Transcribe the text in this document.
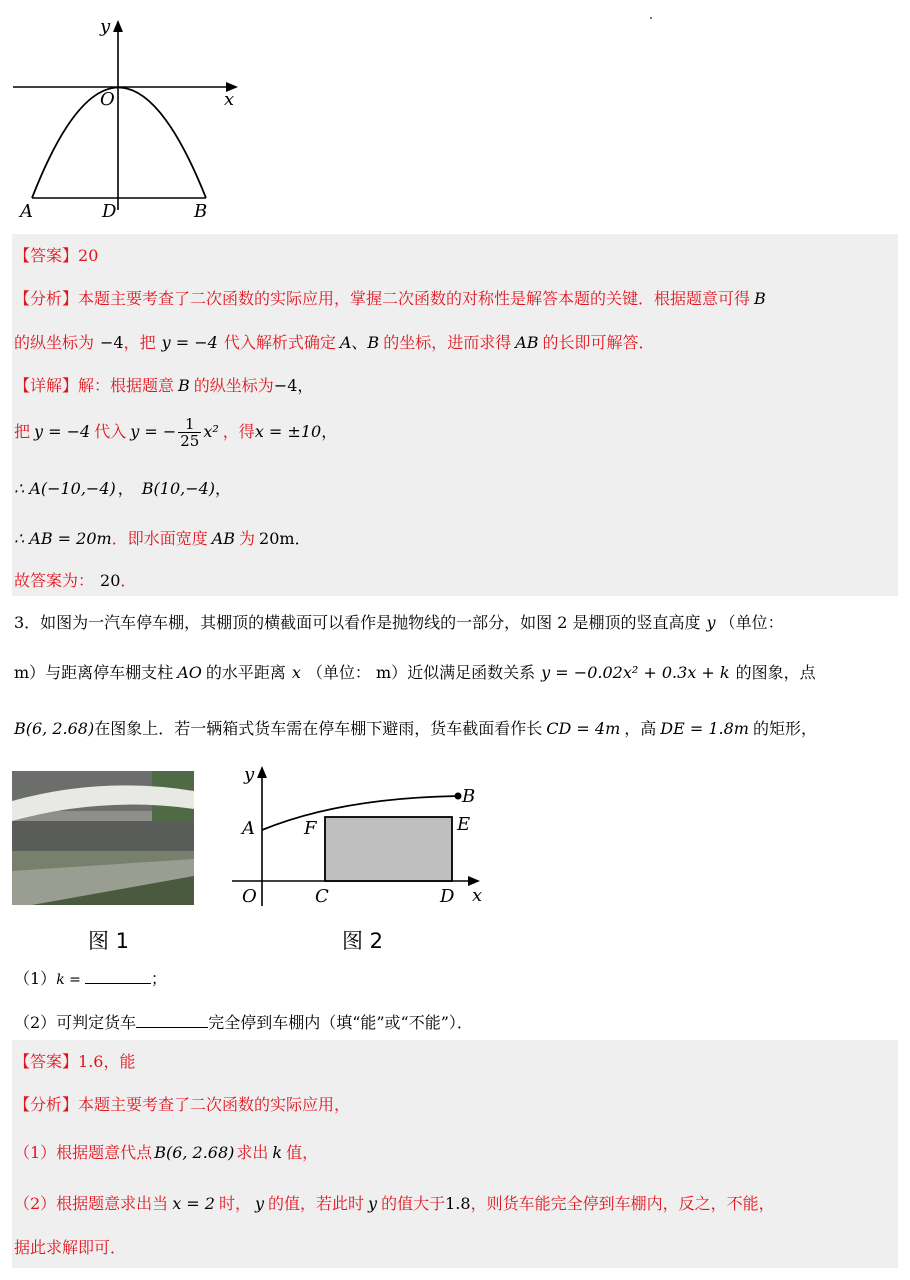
y
x
O
A	D	B
【答案】20
【分析】本题主要考查了二次函数的实际应用，掌握二次函数的对称性是解答本题的关键．根据题意可得 B
的纵坐标为 −4，把 y = −4 代入解析式确定 A、B 的坐标，进而求得 AB 的长即可解答．
【详解】解：根据题意 B 的纵坐标为−4，
把 y = −4 代入 y = − $\frac{1}{25} x^2$ ，得x = ±10，
∴ A(−10,−4) ， B(10,−4)，
∴ AB = 20m．即水面宽度 AB 为 20m．
故答案为： 20．
3．如图为一汽车停车棚，其棚顶的横截面可以看作是抛物线的一部分，如图 2 是棚顶的竖直高度 y （单位：
m）与距离停车棚支柱 AO 的水平距离 x （单位： m）近似满足函数关系 y = −0.02x² + 0.3x + k 的图象，点
B(6, 2.68)在图象上．若一辆箱式货车需在停车棚下避雨，货车截面看作长 CD = 4m ，高 DE = 1.8m 的矩形，
图 1
y
x
O
A
B
C	D
E
F
图 2
（1）k =	；
（2）可判定货车	完全停到车棚内（填“能”或“不能”）．
【答案】1.6，能
【分析】本题主要考查了二次函数的实际应用，
（1）根据题意代点 B(6, 2.68) 求出 k 值，
（2）根据题意求出当 x = 2 时， y 的值，若此时 y 的值大于1.8，则货车能完全停到车棚内，反之，不能，
据此求解即可．
